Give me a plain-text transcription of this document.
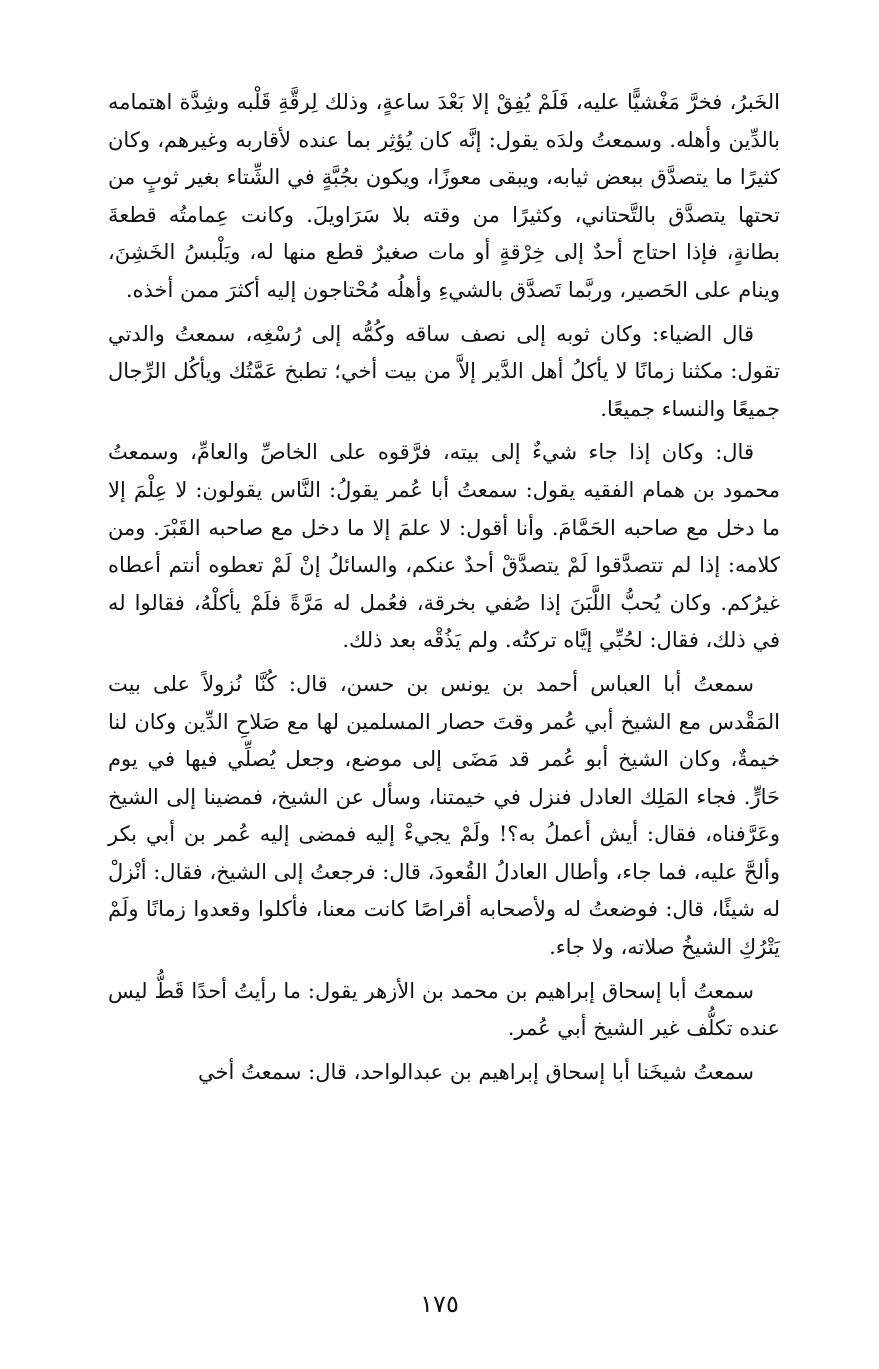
الخَبرُ، فخرَّ مَغْشيًّا عليه، فَلَمْ يُفِقْ إلا بَعْدَ ساعةٍ، وذلك لِرقَّةِ قَلْبه وشِدَّة اهتمامه بالدِّين وأهله. وسمعتُ ولدَه يقول: إنَّه كان يُؤثِر بما عنده لأقاربه وغيرهم، وكان كثيرًا ما يتصدَّق ببعض ثيابه، ويبقى معوزًا، ويكون بجُبَّةٍ في الشِّتاء بغير ثوبٍ من تحتها يتصدَّق بالتَّحتاني، وكثيرًا من وقته بلا سَرَاويلَ. وكانت عِمامتُه قطعةَ بطانةٍ، فإذا احتاج أحدٌ إلى خِرْقةٍ أو مات صغيرٌ قطع منها له، ويَلْبسُ الخَشِنَ، وينام على الحَصير، وربَّما تَصدَّق بالشيءِ وأهلُه مُحْتاجون إليه أكثرَ ممن أخذه.

قال الضياء: وكان ثوبه إلى نصف ساقه وكُمُّه إلى رُسْغِه، سمعتُ والدتي تقول: مكثنا زمانًا لا يأكلُ أهل الدَّير إلاَّ من بيت أخي؛ تطبخ عَمَّتُك ويأكُل الرِّجال جميعًا والنساء جميعًا.

قال: وكان إذا جاء شيءٌ إلى بيته، فرَّقوه على الخاصِّ والعامِّ، وسمعتُ محمود بن همام الفقيه يقول: سمعتُ أبا عُمر يقولُ: النَّاس يقولون: لا عِلْمَ إلا ما دخل مع صاحبه الحَمَّامَ. وأنا أقول: لا علمَ إلا ما دخل مع صاحبه القَبْرَ. ومن كلامه: إذا لم تتصدَّقوا لَمْ يتصدَّقْ أحدٌ عنكم، والسائلُ إنْ لَمْ تعطوه أنتم أعطاه غيرُكم. وكان يُحبُّ اللَّبَنَ إذا صُفي بخرقة، فعُمل له مَرَّةً فلَمْ يأكلْهُ، فقالوا له في ذلك، فقال: لحُبِّي إيَّاه تركتُه. ولم يَذُقْه بعد ذلك.

سمعتُ أبا العباس أحمد بن يونس بن حسن، قال: كُنَّا نُزولاً على بيت المَقْدس مع الشيخ أبي عُمر وقتَ حصار المسلمين لها مع صَلاحِ الدِّين وكان لنا خيمةٌ، وكان الشيخ أبو عُمر قد مَضَى إلى موضع، وجعل يُصلِّي فيها في يوم حَارٍّ. فجاء المَلِك العادل فنزل في خيمتنا، وسأل عن الشيخ، فمضينا إلى الشيخ وعَرَّفناه، فقال: أيش أعملُ به؟! ولَمْ يجيءْ إليه فمضى إليه عُمر بن أبي بكر وألحَّ عليه، فما جاء، وأطال العادلُ القُعودَ، قال: فرجعتُ إلى الشيخ، فقال: أنْزلْ له شيئًا، قال: فوضعتُ له ولأصحابه أقراصًا كانت معنا، فأكلوا وقعدوا زمانًا ولَمْ يَتْرُكِ الشيخُ صلاته، ولا جاء.

سمعتُ أبا إسحاق إبراهيم بن محمد بن الأزهر يقول: ما رأيتُ أحدًا قَطُّ ليس عنده تكلُّف غير الشيخ أبي عُمر.

سمعتُ شيخَنا أبا إسحاق إبراهيم بن عبدالواحد، قال: سمعتُ أخي

١٧٥
